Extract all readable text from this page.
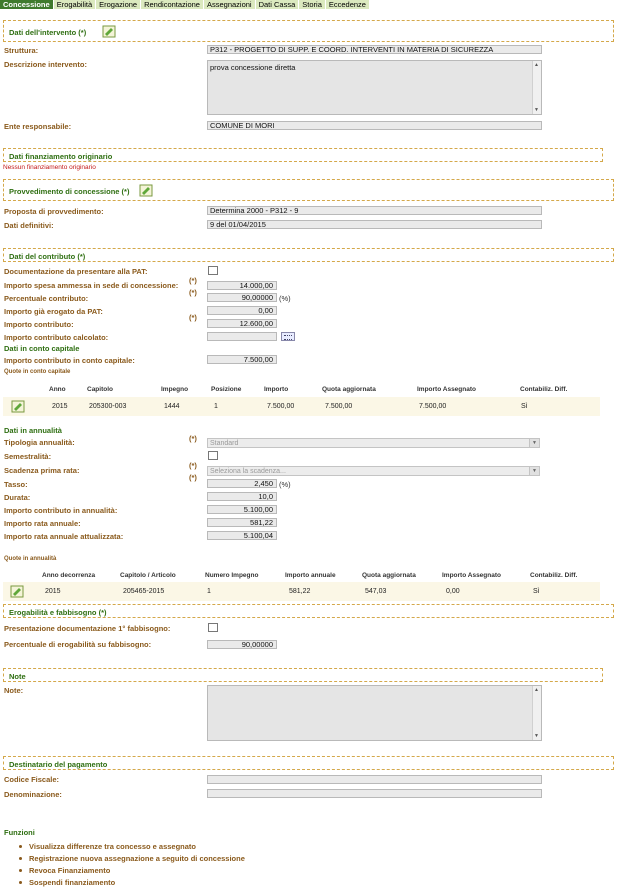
Concessione Erogabilità Erogazione Rendicontazione Assegnazioni Dati Cassa Storia Eccedenze
Dati dell'intervento (*)
Struttura:	P312 - PROGETTO DI SUPP. E COORD. INTERVENTI IN MATERIA DI SICUREZZA
Descrizione intervento:	prova concessione diretta	▲
▼
Ente responsabile:	COMUNE DI MORI
Dati finanziamento originario
Nessun finanziamento originario
Provvedimento di concessione (*)
Proposta di provvedimento:	Determina 2000 - P312 - 9
Dati definitivi:	9 del 01/04/2015
Dati del contributo (*)
Documentazione da presentare alla PAT:
(*)
Importo spesa ammessa in sede di concessione:	14.000,00
(*)
Percentuale contributo:	90,00000 (%)
Importo già erogato da PAT:	0,00
(*)
Importo contributo:	12.600,00
Importo contributo calcolato:
Dati in conto capitale
Importo contributo in conto capitale:	7.500,00
Quote in conto capitale
Anno	Capitolo	Impegno	Posizione	Importo	Quota aggiornata	Importo Assegnato	Contabiliz. Diff.
2015	205300-003	1444	1	7.500,00	7.500,00	7.500,00	Sì
Dati in annualità
(*)
Tipologia annualità:	Standard	▼
Semestralità:
(*)
Scadenza prima rata:	Seleziona la scadenza...	▼
(*)
Tasso:	2,450 (%)
Durata:	10,0
Importo contributo in annualità:	5.100,00
Importo rata annuale:	581,22
Importo rata annuale attualizzata:	5.100,04
Quote in annualità
Anno decorrenza	Capitolo / Articolo	Numero Impegno	Importo annuale	Quota aggiornata	Importo Assegnato	Contabiliz. Diff.
2015	205465-2015	1	581,22	547,03	0,00	Sì
Erogabilità e fabbisogno (*)
Presentazione documentazione 1° fabbisogno:
Percentuale di erogabilità su fabbisogno:	90,00000
Note
Note:	▲
▼
Destinatario del pagamento
Codice Fiscale:
Denominazione:
Funzioni
Visualizza differenze tra concesso e assegnato
Registrazione nuova assegnazione a seguito di concessione
Revoca Finanziamento
Sospendi finanziamento
